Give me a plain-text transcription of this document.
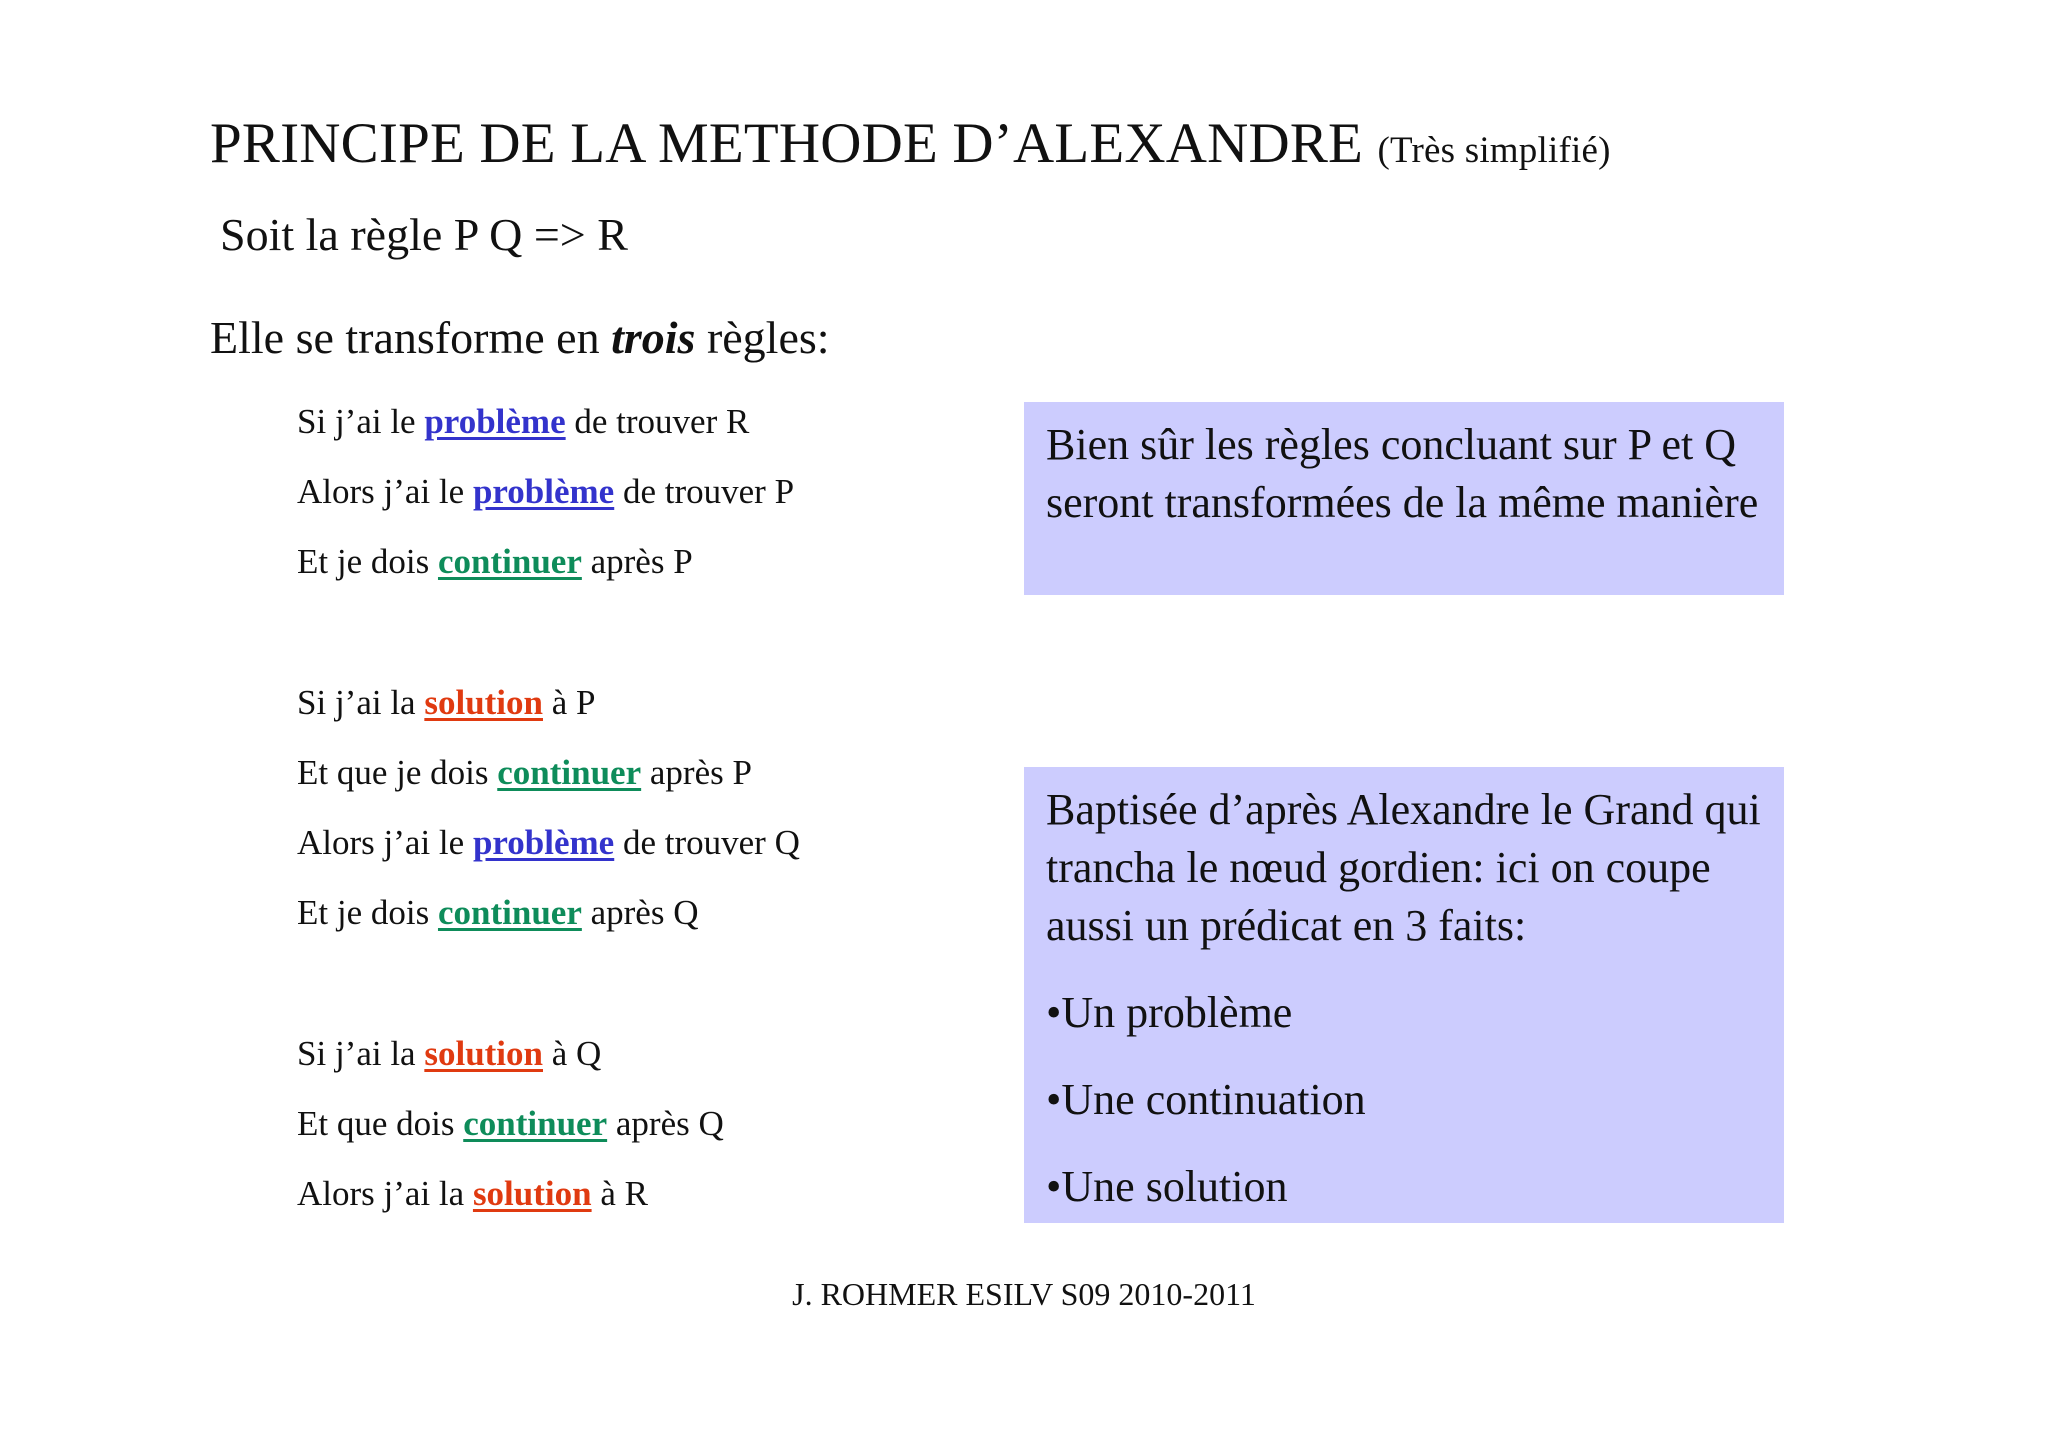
PRINCIPE DE LA METHODE D’ALEXANDRE (Très simplifié)
Soit la règle P Q => R
Elle se transforme en trois règles:
Si j’ai le problème de trouver R
Alors j’ai le problème de trouver P
Et je dois continuer après P
Si j’ai la solution à P
Et que je dois continuer après P
Alors j’ai le problème de trouver Q
Et je dois continuer après Q
Si j’ai la solution à Q
Et que dois continuer après Q
Alors j’ai la solution à R
Bien sûr les règles concluant sur P et Q seront transformées de la même manière
Baptisée d’après Alexandre le Grand qui trancha le nœud gordien: ici on coupe aussi un prédicat en 3 faits:
•Un problème
•Une continuation
•Une solution
J. ROHMER ESILV S09 2010-2011
